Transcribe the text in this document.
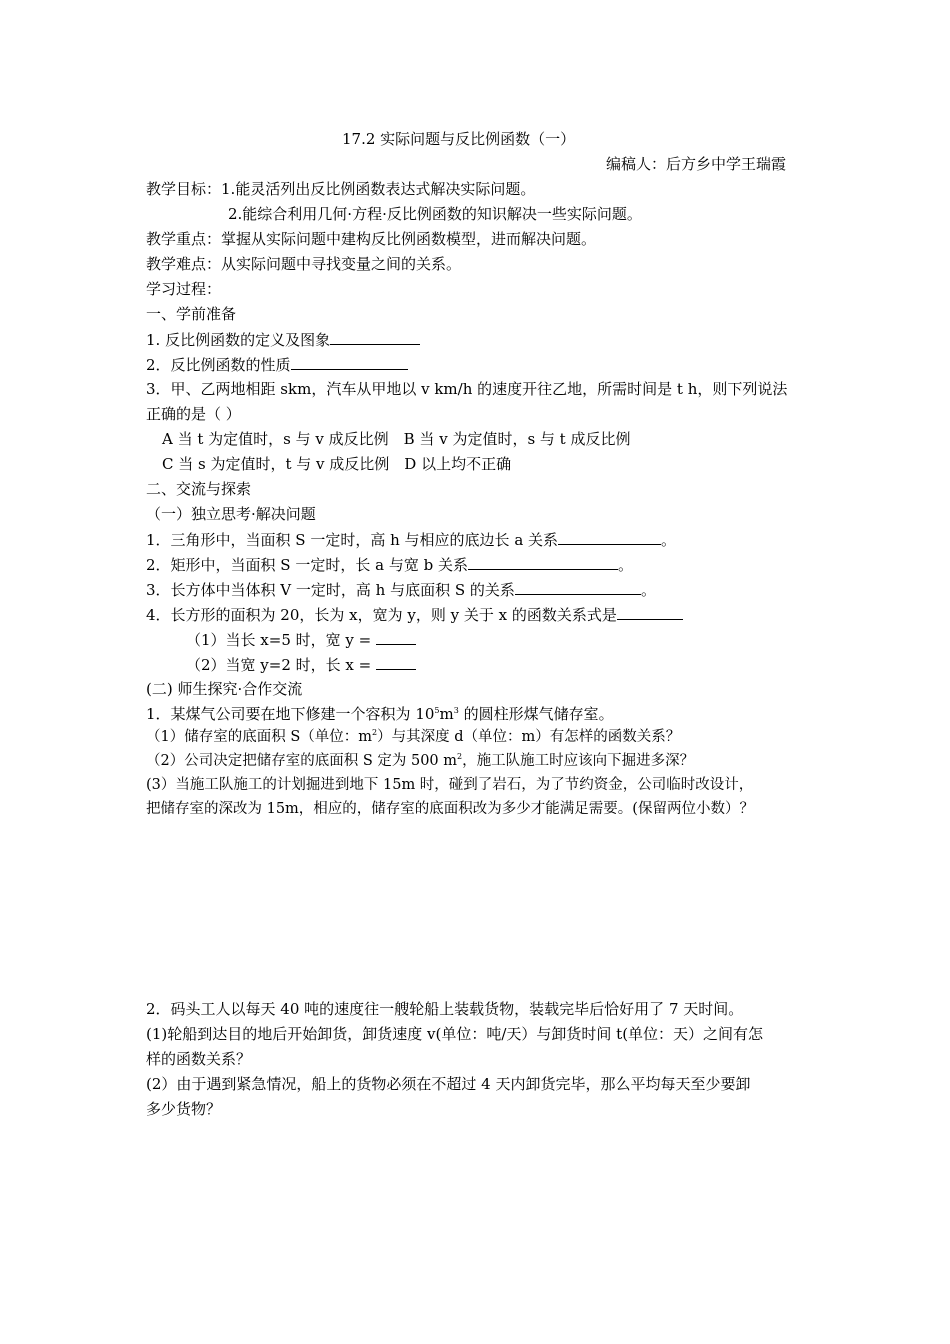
17.2 实际问题与反比例函数（一）
编稿人：后方乡中学王瑞霞
教学目标：1.能灵活列出反比例函数表达式解决实际问题。
2.能综合利用几何·方程·反比例函数的知识解决一些实际问题。
教学重点：掌握从实际问题中建构反比例函数模型，进而解决问题。
教学难点：从实际问题中寻找变量之间的关系。
学习过程：
一、学前准备
1. 反比例函数的定义及图象
2．反比例函数的性质
3．甲、乙两地相距 skm，汽车从甲地以 v km/h 的速度开往乙地，所需时间是 t h，则下列说法
正确的是（ ）
A 当 t 为定值时，s 与 v 成反比例　B 当 v 为定值时，s 与 t 成反比例
C 当 s 为定值时，t 与 v 成反比例　D 以上均不正确
二、交流与探索
（一）独立思考·解决问题
1．三角形中，当面积 S 一定时，高 h 与相应的底边长 a 关系	。
2．矩形中，当面积 S 一定时，长 a 与宽 b 关系	。
3．长方体中当体积 V 一定时，高 h 与底面积 S 的关系	。
4．长方形的面积为 20，长为 x，宽为 y，则 y 关于 x 的函数关系式是
（1）当长 x=5 时，宽 y =
（2）当宽 y=2 时，长 x =
(二) 师生探究·合作交流
1．某煤气公司要在地下修建一个容积为 $10^5m^3$ 的圆柱形煤气储存室。
（1）储存室的底面积 S（单位：$m^2$）与其深度 d（单位：m）有怎样的函数关系？
（2）公司决定把储存室的底面积 S 定为 500 $m^2$，施工队施工时应该向下掘进多深？
(3）当施工队施工的计划掘进到地下 15m 时，碰到了岩石，为了节约资金，公司临时改设计，
把储存室的深改为 15m，相应的，储存室的底面积改为多少才能满足需要。(保留两位小数）？
2．码头工人以每天 40 吨的速度往一艘轮船上装载货物，装载完毕后恰好用了 7 天时间。
(1)轮船到达目的地后开始卸货，卸货速度 v(单位：吨/天）与卸货时间 t(单位：天）之间有怎
样的函数关系？
(2）由于遇到紧急情况，船上的货物必须在不超过 4 天内卸货完毕，那么平均每天至少要卸
多少货物？
